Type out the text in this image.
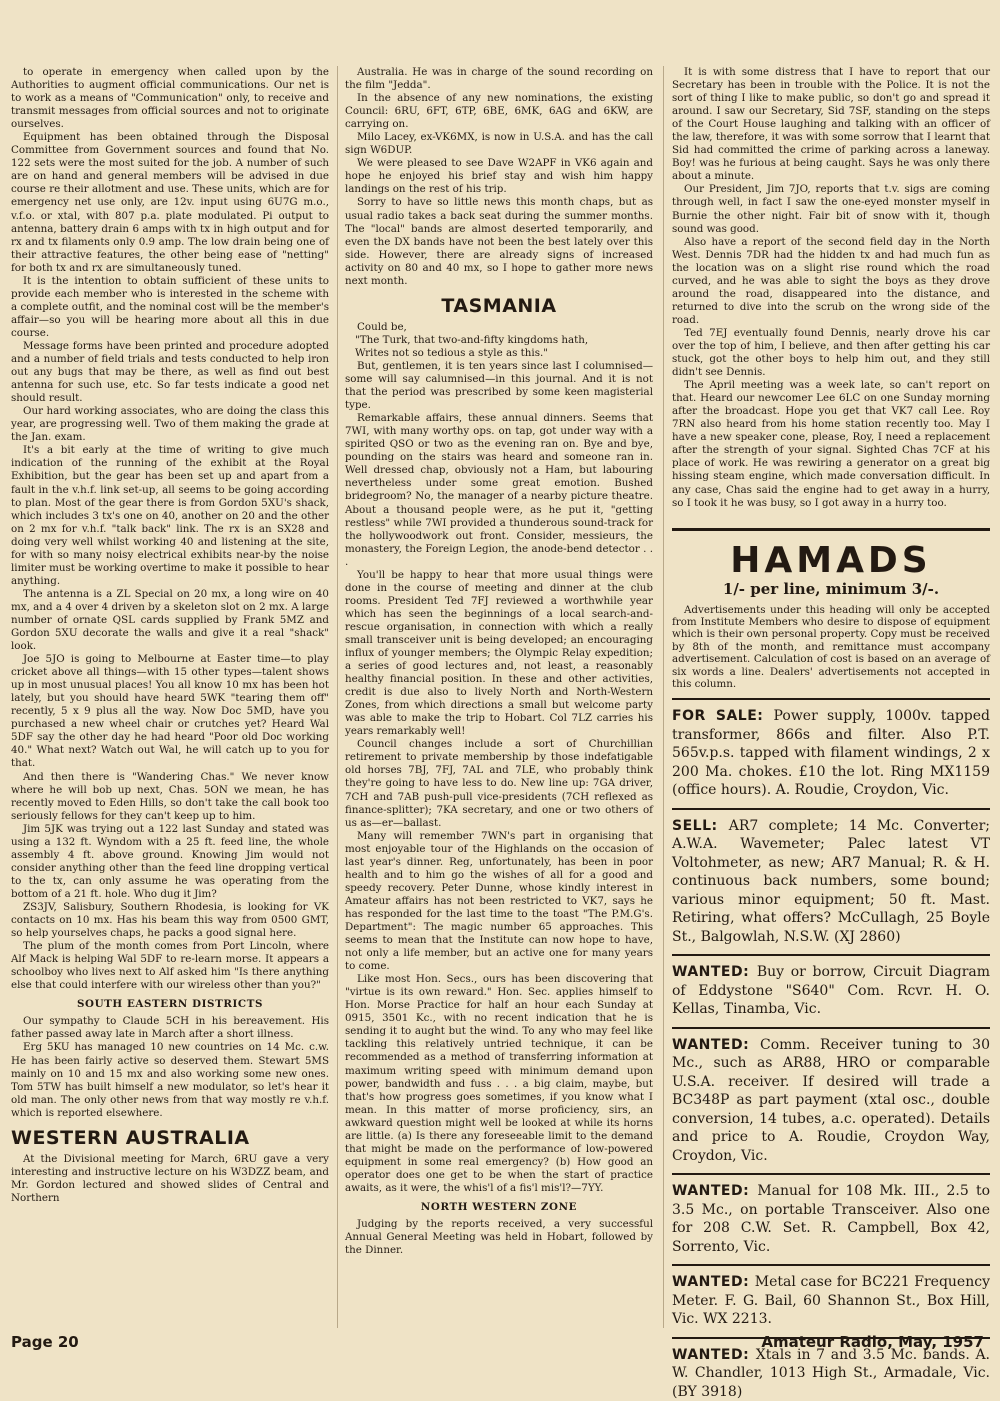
to operate in emergency when called upon by the Authorities to augment official communications. Our net is to work as a means of "Communication" only, to receive and transmit messages from official sources and not to originate ourselves.

Equipment has been obtained through the Disposal Committee from Government sources and found that No. 122 sets were the most suited for the job. A number of such are on hand and general members will be advised in due course re their allotment and use. These units, which are for emergency net use only, are 12v. input using 6U7G m.o., v.f.o. or xtal, with 807 p.a. plate modulated. Pi output to antenna, battery drain 6 amps with tx in high output and for rx and tx filaments only 0.9 amp. The low drain being one of their attractive features, the other being ease of "netting" for both tx and rx are simultaneously tuned.

It is the intention to obtain sufficient of these units to provide each member who is interested in the scheme with a complete outfit, and the nominal cost will be the member's affair—so you will be hearing more about all this in due course.

Message forms have been printed and procedure adopted and a number of field trials and tests conducted to help iron out any bugs that may be there, as well as find out best antenna for such use, etc. So far tests indicate a good net should result.

Our hard working associates, who are doing the class this year, are progressing well. Two of them making the grade at the Jan. exam.

It's a bit early at the time of writing to give much indication of the running of the exhibit at the Royal Exhibition, but the gear has been set up and apart from a fault in the v.h.f. link set-up, all seems to be going according to plan. Most of the gear there is from Gordon 5XU's shack, which includes 3 tx's one on 40, another on 20 and the other on 2 mx for v.h.f. "talk back" link. The rx is an SX28 and doing very well whilst working 40 and listening at the site, for with so many noisy electrical exhibits near-by the noise limiter must be working overtime to make it possible to hear anything.

The antenna is a ZL Special on 20 mx, a long wire on 40 mx, and a 4 over 4 driven by a skeleton slot on 2 mx. A large number of ornate QSL cards supplied by Frank 5MZ and Gordon 5XU decorate the walls and give it a real "shack" look.

Joe 5JO is going to Melbourne at Easter time—to play cricket above all things—with 15 other types—talent shows up in most unusual places! You all know 10 mx has been hot lately, but you should have heard 5WK "tearing them off" recently, 5 x 9 plus all the way. Now Doc 5MD, have you purchased a new wheel chair or crutches yet? Heard Wal 5DF say the other day he had heard "Poor old Doc working 40." What next? Watch out Wal, he will catch up to you for that.

And then there is "Wandering Chas." We never know where he will bob up next, Chas. 5ON we mean, he has recently moved to Eden Hills, so don't take the call book too seriously fellows for they can't keep up to him.

Jim 5JK was trying out a 122 last Sunday and stated was using a 132 ft. Wyndom with a 25 ft. feed line, the whole assembly 4 ft. above ground. Knowing Jim would not consider anything other than the feed line dropping vertical to the tx, can only assume he was operating from the bottom of a 21 ft. hole. Who dug it Jim?

ZS3JV, Salisbury, Southern Rhodesia, is looking for VK contacts on 10 mx. Has his beam this way from 0500 GMT, so help yourselves chaps, he packs a good signal here.

The plum of the month comes from Port Lincoln, where Alf Mack is helping Wal 5DF to re-learn morse. It appears a schoolboy who lives next to Alf asked him "Is there anything else that could interfere with our wireless other than you?"

SOUTH EASTERN DISTRICTS

Our sympathy to Claude 5CH in his bereavement. His father passed away late in March after a short illness.

Erg 5KU has managed 10 new countries on 14 Mc. c.w. He has been fairly active so deserved them. Stewart 5MS mainly on 10 and 15 mx and also working some new ones. Tom 5TW has built himself a new modulator, so let's hear it old man. The only other news from that way mostly re v.h.f. which is reported elsewhere.

WESTERN AUSTRALIA

At the Divisional meeting for March, 6RU gave a very interesting and instructive lecture on his W3DZZ beam, and Mr. Gordon lectured and showed slides of Central and Northern

Australia. He was in charge of the sound recording on the film "Jedda".

In the absence of any new nominations, the existing Council: 6RU, 6FT, 6TP, 6BE, 6MK, 6AG and 6KW, are carrying on.

Milo Lacey, ex-VK6MX, is now in U.S.A. and has the call sign W6DUP.

We were pleased to see Dave W2APF in VK6 again and hope he enjoyed his brief stay and wish him happy landings on the rest of his trip.

Sorry to have so little news this month chaps, but as usual radio takes a back seat during the summer months. The "local" bands are almost deserted temporarily, and even the DX bands have not been the best lately over this side. However, there are already signs of increased activity on 80 and 40 mx, so I hope to gather more news next month.

TASMANIA

Could be,

"The Turk, that two-and-fifty kingdoms hath,

Writes not so tedious a style as this."

But, gentlemen, it is ten years since last I columnised—some will say calumnised—in this journal. And it is not that the period was prescribed by some keen magisterial type.

Remarkable affairs, these annual dinners. Seems that 7WI, with many worthy ops. on tap, got under way with a spirited QSO or two as the evening ran on. Bye and bye, pounding on the stairs was heard and someone ran in. Well dressed chap, obviously not a Ham, but labouring nevertheless under some great emotion. Bushed bridegroom? No, the manager of a nearby picture theatre. About a thousand people were, as he put it, "getting restless" while 7WI provided a thunderous sound-track for the hollywoodwork out front. Consider, messieurs, the monastery, the Foreign Legion, the anode-bend detector . . .

You'll be happy to hear that more usual things were done in the course of meeting and dinner at the club rooms. President Ted 7FJ reviewed a worthwhile year which has seen the beginnings of a local search-and-rescue organisation, in connection with which a really small transceiver unit is being developed; an encouraging influx of younger members; the Olympic Relay expedition; a series of good lectures and, not least, a reasonably healthy financial position. In these and other activities, credit is due also to lively North and North-Western Zones, from which directions a small but welcome party was able to make the trip to Hobart. Col 7LZ carries his years remarkably well!

Council changes include a sort of Churchillian retirement to private membership by those indefatigable old horses 7BJ, 7FJ, 7AL and 7LE, who probably think they're going to have less to do. New line up: 7GA driver, 7CH and 7AB push-pull vice-presidents (7CH reflexed as finance-splitter); 7KA secretary, and one or two others of us as—er—ballast.

Many will remember 7WN's part in organising that most enjoyable tour of the Highlands on the occasion of last year's dinner. Reg, unfortunately, has been in poor health and to him go the wishes of all for a good and speedy recovery. Peter Dunne, whose kindly interest in Amateur affairs has not been restricted to VK7, says he has responded for the last time to the toast "The P.M.G's. Department": The magic number 65 approaches. This seems to mean that the Institute can now hope to have, not only a life member, but an active one for many years to come.

Like most Hon. Secs., ours has been discovering that "virtue is its own reward." Hon. Sec. applies himself to Hon. Morse Practice for half an hour each Sunday at 0915, 3501 Kc., with no recent indication that he is sending it to aught but the wind. To any who may feel like tackling this relatively untried technique, it can be recommended as a method of transferring information at maximum writing speed with minimum demand upon power, bandwidth and fuss . . . a big claim, maybe, but that's how progress goes sometimes, if you know what I mean. In this matter of morse proficiency, sirs, an awkward question might well be looked at while its horns are little. (a) Is there any foreseeable limit to the demand that might be made on the performance of low-powered equipment in some real emergency? (b) How good an operator does one get to be when the start of practice awaits, as it were, the whis'l of a fis'l mis'l?—7YY.

NORTH WESTERN ZONE

Judging by the reports received, a very successful Annual General Meeting was held in Hobart, followed by the Dinner.

It is with some distress that I have to report that our Secretary has been in trouble with the Police. It is not the sort of thing I like to make public, so don't go and spread it around. I saw our Secretary, Sid 7SF, standing on the steps of the Court House laughing and talking with an officer of the law, therefore, it was with some sorrow that I learnt that Sid had committed the crime of parking across a laneway. Boy! was he furious at being caught. Says he was only there about a minute.

Our President, Jim 7JO, reports that t.v. sigs are coming through well, in fact I saw the one-eyed monster myself in Burnie the other night. Fair bit of snow with it, though sound was good.

Also have a report of the second field day in the North West. Dennis 7DR had the hidden tx and had much fun as the location was on a slight rise round which the road curved, and he was able to sight the boys as they drove around the road, disappeared into the distance, and returned to dive into the scrub on the wrong side of the road.

Ted 7EJ eventually found Dennis, nearly drove his car over the top of him, I believe, and then after getting his car stuck, got the other boys to help him out, and they still didn't see Dennis.

The April meeting was a week late, so can't report on that. Heard our newcomer Lee 6LC on one Sunday morning after the broadcast. Hope you get that VK7 call Lee. Roy 7RN also heard from his home station recently too. May I have a new speaker cone, please, Roy, I need a replacement after the strength of your signal. Sighted Chas 7CF at his place of work. He was rewiring a generator on a great big hissing steam engine, which made conversation difficult. In any case, Chas said the engine had to get away in a hurry, so I took it he was busy, so I got away in a hurry too.

HAMADS
1/- per line, minimum 3/-.

Advertisements under this heading will only be accepted from Institute Members who desire to dispose of equipment which is their own personal property. Copy must be received by 8th of the month, and remittance must accompany advertisement. Calculation of cost is based on an average of six words a line. Dealers' advertisements not accepted in this column.

FOR SALE: Power supply, 1000v. tapped transformer, 866s and filter. Also P.T. 565v.p.s. tapped with filament windings, 2 x 200 Ma. chokes. £10 the lot. Ring MX1159 (office hours). A. Roudie, Croydon, Vic.
SELL: AR7 complete; 14 Mc. Converter; A.W.A. Wavemeter; Palec latest VT Voltohmeter, as new; AR7 Manual; R. & H. continuous back numbers, some bound; various minor equipment; 50 ft. Mast. Retiring, what offers? McCullagh, 25 Boyle St., Balgowlah, N.S.W. (XJ 2860)
WANTED: Buy or borrow, Circuit Diagram of Eddystone "S640" Com. Rcvr. H. O. Kellas, Tinamba, Vic.
WANTED: Comm. Receiver tuning to 30 Mc., such as AR88, HRO or comparable U.S.A. receiver. If desired will trade a BC348P as part payment (xtal osc., double conversion, 14 tubes, a.c. operated). Details and price to A. Roudie, Croydon Way, Croydon, Vic.
WANTED: Manual for 108 Mk. III., 2.5 to 3.5 Mc., on portable Transceiver. Also one for 208 C.W. Set. R. Campbell, Box 42, Sorrento, Vic.
WANTED: Metal case for BC221 Frequency Meter. F. G. Bail, 60 Shannon St., Box Hill, Vic. WX 2213.
WANTED: Xtals in 7 and 3.5 Mc. bands. A. W. Chandler, 1013 High St., Armadale, Vic. (BY 3918)
Page 20	Amateur Radio, May, 1957
